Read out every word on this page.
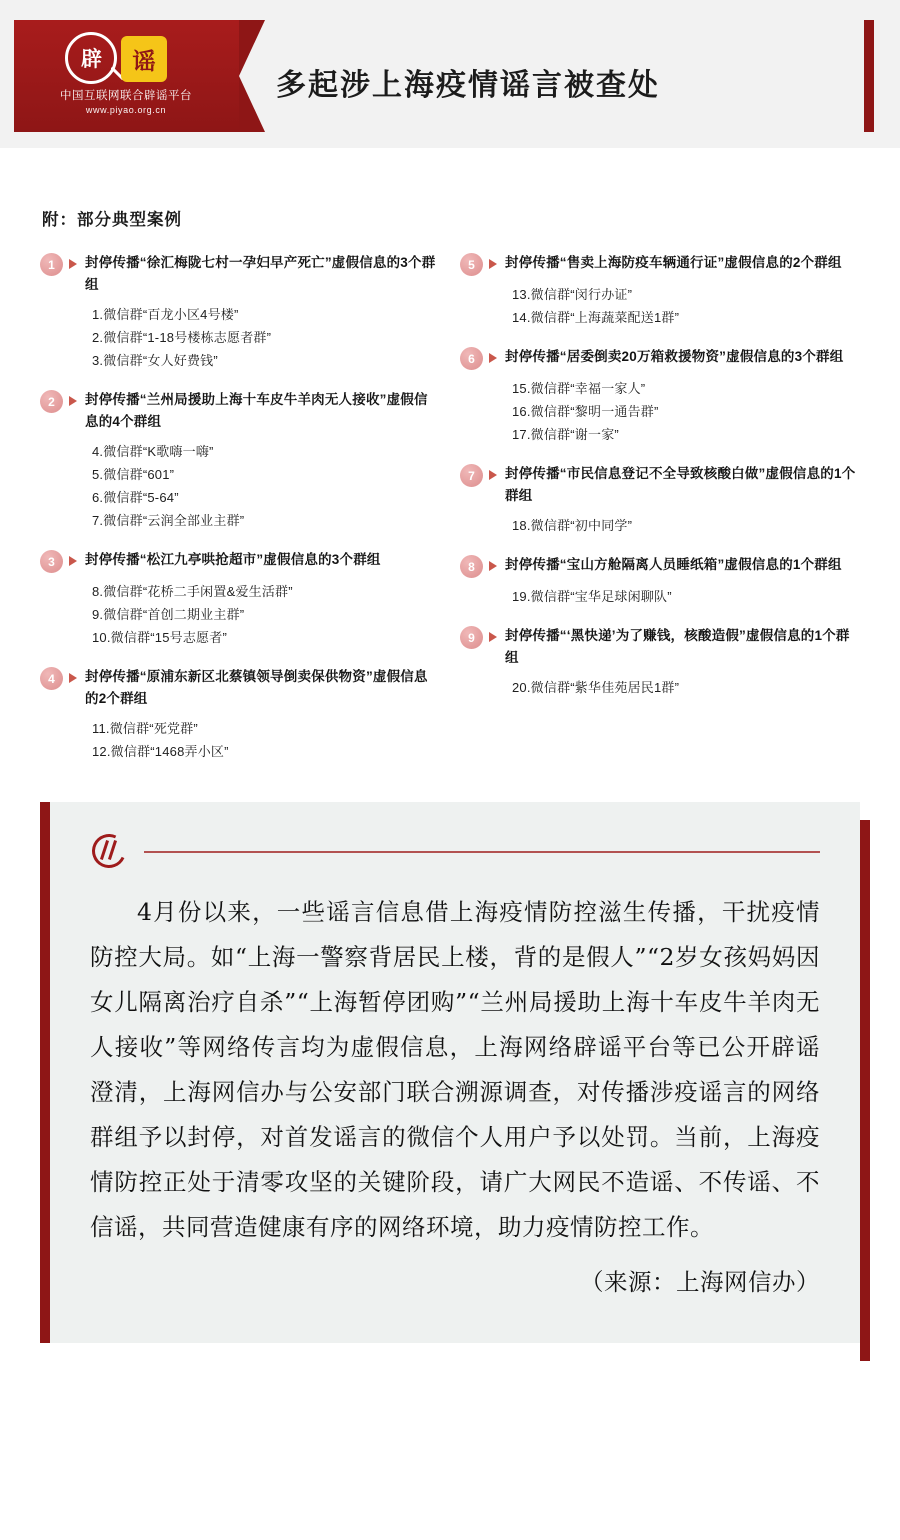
辟	谣
中国互联网联合辟谣平台
www.piyao.org.cn
多起涉上海疫情谣言被查处
附：部分典型案例
1	封停传播“徐汇梅陇七村一孕妇早产死亡”虚假信息的3个群组
1.微信群“百龙小区4号楼”
2.微信群“1-18号楼栋志愿者群”
3.微信群“女人好费钱”
2	封停传播“兰州局援助上海十车皮牛羊肉无人接收”虚假信息的4个群组
4.微信群“K歌嗨一嗨”
5.微信群“601”
6.微信群“5-64”
7.微信群“云润全部业主群”
3	封停传播“松江九亭哄抢超市”虚假信息的3个群组
8.微信群“花桥二手闲置&爱生活群”
9.微信群“首创二期业主群”
10.微信群“15号志愿者”
4	封停传播“原浦东新区北蔡镇领导倒卖保供物资”虚假信息的2个群组
11.微信群“死党群”
12.微信群“1468弄小区”
5	封停传播“售卖上海防疫车辆通行证”虚假信息的2个群组
13.微信群“闵行办证”
14.微信群“上海蔬菜配送1群”
6	封停传播“居委倒卖20万箱救援物资”虚假信息的3个群组
15.微信群“幸福一家人”
16.微信群“黎明一通告群”
17.微信群“谢一家”
7	封停传播“市民信息登记不全导致核酸白做”虚假信息的1个群组
18.微信群“初中同学”
8	封停传播“宝山方舱隔离人员睡纸箱”虚假信息的1个群组
19.微信群“宝华足球闲聊队”
9	封停传播“‘黑快递’为了赚钱，核酸造假”虚假信息的1个群组
20.微信群“紫华佳苑居民1群”
4月份以来，一些谣言信息借上海疫情防控滋生传播，干扰疫情防控大局。如“上海一警察背居民上楼，背的是假人”“2岁女孩妈妈因女儿隔离治疗自杀”“上海暂停团购”“兰州局援助上海十车皮牛羊肉无人接收”等网络传言均为虚假信息，上海网络辟谣平台等已公开辟谣澄清，上海网信办与公安部门联合溯源调查，对传播涉疫谣言的网络群组予以封停，对首发谣言的微信个人用户予以处罚。当前，上海疫情防控正处于清零攻坚的关键阶段，请广大网民不造谣、不传谣、不信谣，共同营造健康有序的网络环境，助力疫情防控工作。
（来源：上海网信办）
